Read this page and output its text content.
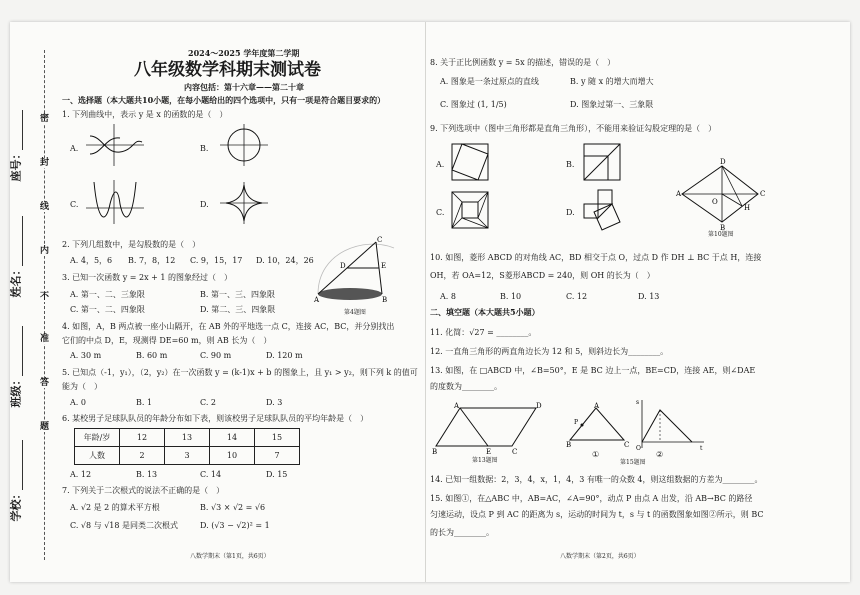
密
封
线
内
不
准
答
题
座号：
姓名：
班级：
学校：
2024～2025 学年度第二学期
八年级数学科期末测试卷
内容包括：第十六章——第二十章
一、选择题（本大题共10小题，在每小题给出的四个选项中，只有一项是符合题目要求的）
1. 下列曲线中，表示 y 是 x 的函数的是（　）
A.	B.
C.	D.
2. 下列几组数中，是勾股数的是（　）
A. 4，5，6 B. 7，8，12 C. 9，15，17 D. 10，24，26
C
D	E
A	B
第4题图
3. 已知一次函数 y = 2x + 1 的图象经过（　）
A. 第一、二、三象限	B. 第一、三、四象限
C. 第一、二、四象限	D. 第二、三、四象限
4. 如图，A，B 两点被一座小山隔开，在 AB 外的平地选一点 C，连接 AC，BC，并分别找出
它们的中点 D，E，现测得 DE=60 m，则 AB 长为（　）
A. 30 m	B. 60 m	C. 90 m	D. 120 m
5. 已知点（-1，y₁），（2，y₂）在一次函数 y = (k-1)x + b 的图象上，且 y₁ > y₂，则下列 k 的值可
能为（　）
A. 0	B. 1	C. 2	D. 3
6. 某校男子足球队队员的年龄分布如下表，则该校男子足球队队员的平均年龄是（　）
年龄/岁	12	13	14	15
人数	2	3	10	7
A. 12	B. 13	C. 14	D. 15
7. 下列关于二次根式的说法不正确的是（　）
A. √2 是 2 的算术平方根	B. √3 × √2 = √6
C. √8 与 √18 是同类二次根式	D. (√3 − √2)² = 1
八数学期末（第1页，共6页）
8. 关于正比例函数 y = 5x 的描述，错误的是（　）
A. 图象是一条过原点的直线	B. y 随 x 的增大而增大
C. 图象过 (1, 1/5)	D. 图象过第一、三象限
9. 下列选项中（图中三角形都是直角三角形），不能用来验证勾股定理的是（　）
A.	B.
C.	D.
A	C
D
B
O
H
第10题图
10. 如图，菱形 ABCD 的对角线 AC，BD 相交于点 O，过点 D 作 DH ⊥ BC 于点 H，连接
OH，若 OA=12，S菱形ABCD = 240，则 OH 的长为（　）
A. 8	B. 10	C. 12	D. 13
二、填空题（本大题共5小题）
11. 化简：√27 = ________。
12. 一直角三角形的两直角边长为 12 和 5，则斜边长为________。
13. 如图，在 □ABCD 中，∠B=50°，E 是 BC 边上一点，BE=CD，连接 AE，则∠DAE
的度数为________。
A	D
B	E	C
第13题图
A
B	C
P
①
s
t
O
②
第15题图
14. 已知一组数据：2，3，4，x，1，4，3 有唯一的众数 4，则这组数据的方差为________。
15. 如图①，在△ABC 中，AB=AC，∠A=90°，动点 P 由点 A 出发，沿 AB→BC 的路径
匀速运动，设点 P 到 AC 的距离为 s，运动的时间为 t，s 与 t 的函数图象如图②所示，则 BC
的长为________。
八数学期末（第2页，共6页）
